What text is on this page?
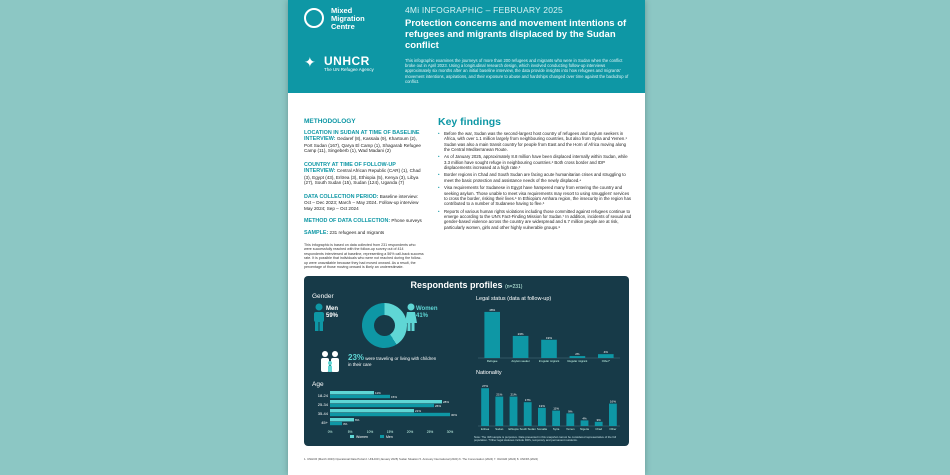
Mixed
Migration
Centre
✦ UNHCR
The UN Refugee Agency
4Mi INFOGRAPHIC – FEBRUARY 2025
Protection concerns and movement intentions of refugees and migrants displaced by the Sudan conflict
This infographic examines the journeys of more than 200 refugees and migrants who were in Sudan when the conflict broke out in April 2023. Using a longitudinal research design, which involved conducting follow-up interviews approximately six months after an initial baseline interview, the data provide insights into how refugees and migrants' movement intentions, aspirations, and their exposure to abuse and hardships changed over time against the backdrop of conflict.
METHODOLOGY
LOCATION IN SUDAN AT TIME OF BASELINE INTERVIEW: Gedaref (8), Kassala (9), Khartoum (2), Port Sudan (167), Qarya El Camp (1), Shagarab Refugee Camp (11), Singeberb (1), Wad Madani (2)
COUNTRY AT TIME OF FOLLOW-UP INTERVIEW: Central African Republic (CAR) (1), Chad (3), Egypt (43), Eritrea (3), Ethiopia (5), Kenya (3), Libya (27), South Sudan (15), Sudan (124), Uganda (7)
DATA COLLECTION PERIOD: Baseline interview: Oct – Dec 2023; March – May 2024. Follow-up interview May 2024; Sep – Oct 2024
METHOD OF DATA COLLECTION: Phone surveys
SAMPLE: 231 refugees and migrants
This infographic is based on data collected from 231 respondents who were successfully reached with the follow-up survey out of 414 respondents interviewed at baseline, representing a 56% call-back success rate. It is possible that individuals who were not reached during the follow-up were unavailable because they had moved onward. As a result, the percentage of those moving onward is likely an underestimate.
Key findings
• Before the war, Sudan was the second-largest host country of refugees and asylum seekers in Africa, with over 1.1 million largely from neighbouring countries, but also from Syria and Yemen.¹ Sudan was also a main transit country for people from East and the Horn of Africa moving along the Central Mediterranean Route.
• As of January 2025, approximately 8.8 million have been displaced internally within Sudan, while 3.3 million have sought refuge in neighbouring countries.² Both cross border and IDP displacements increased at a high rate.³
• Border regions in Chad and South Sudan are facing acute humanitarian crises and struggling to meet the basic protection and assistance needs of the newly displaced.⁴
• Visa requirements for Sudanese in Egypt have hampered many from entering the country and seeking asylum. Those unable to meet visa requirements may resort to using smugglers' services to cross the border, risking their lives.⁵ In Ethiopia's Amhara region, the insecurity in the region has contributed to a number of Sudanese having to flee.⁶
• Reports of various human rights violations including those committed against refugees continue to emerge according to the UN's Fact-Finding Mission for Sudan.⁷ In addition, incidents of sexual and gender-based violence across the country are widespread and 6.7 million people are at risk, particularly women, girls and other highly vulnerable groups.⁸
Respondents profiles (n=231)
Gender
Men
59%
Women
41%
23% were traveling or living with children in their care
Age
18-24	11%
15%
25-34	28%
26%
35-44	21%
30%
45+	6%
3%
0%	5%	10%	15%	20%	25%	30%
Women	Men
Legal status (data at follow-up)
48%
Refugee
23%
Asylum seeker
19%
Irregular migrant
2%
Regular migrant
4%
Other*
Nationality
27%
Eritrea
21%
Sudan
21%
Ethiopia
17%
South Sudan
13%
Somalia
11%
Syria
9%
Yemen
4%
Nigeria
3%
Chad
16%
Other
Note: The 4Mi sample is purposive. Data presented in this snapshot cannot be considered representative of the full population. *Other legal statuses include IDPs, temporary and permanent residents.
1. UNHCR (March 2023) Operational Data Portal 2. UNHCR (January 2025) Sudan Situation 5. Amnesty International (2024) 6. The Conversation (2024) 7. OHCHR (2024) 8. UNFPA (2024)
